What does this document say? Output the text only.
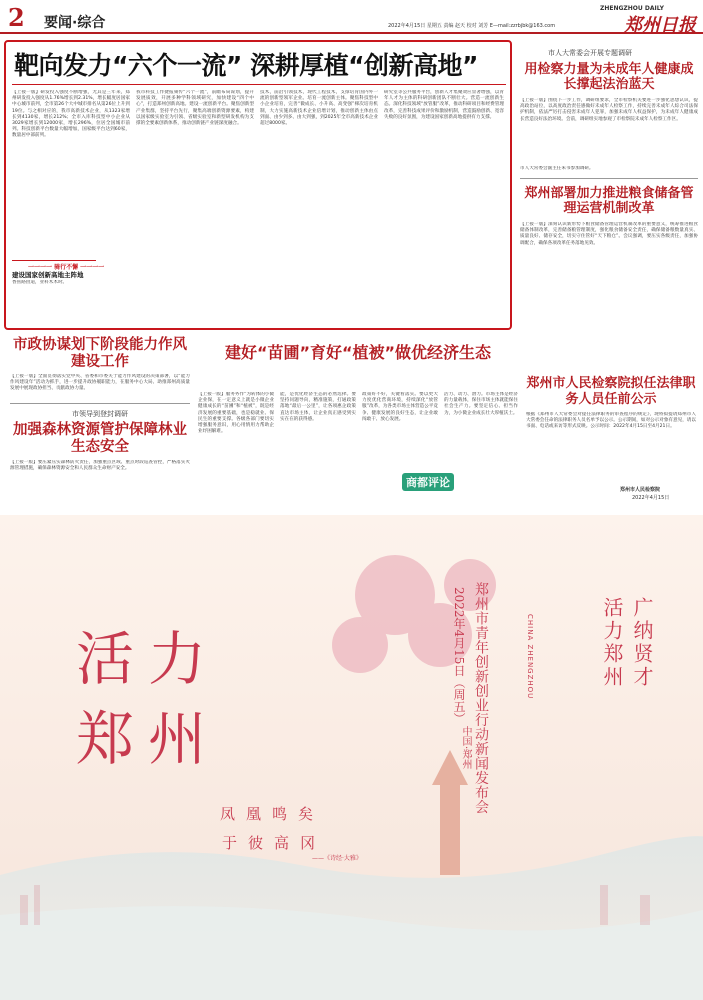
2 要闻·综合	2022年4月15日 星期五 责编 赵天 校对 刘芳 E—mail:zzrbjbk@163.com
ZHENGZHOU DAILY
郑州日报
靶向发力“六个一流” 深耕厚植“创新高地”
【上接一版】研发投入强度不断增强，尤其是三年来，郑州研发投入强度从1.76%增长到2.31%，增长幅度居国家中心城市前列，全市第26个大中城市排名从第26位上升到19位。与之相对应的，我市高新技术企业，从1323家增长到4130家，增长212%；全市入库科技型中小企业从3029家增长到12000家，增长296%，位居全国城市前列。科技创新平台数量大幅增加，国家级平台达到60家，数量居中部前列。
我市科技工作捷报频传“六个一流”，前瞻布局谋划，提升发展质效，开展多种学科领域研究，加快建设“四个中心”，打造郑州创新高地。建设一流创新平台。聚焦创新型产业集群，坚持平台先行，聚集高端创新资源要素，构建以国家级实验室为引领、省级实验室和新型研发机构为支撑的全要素创新体系，推动创新链产业链深度融合。
技术，前沿引领技术，现代工程技术，支撑培育国内外一流的创新型领军企业。培育一流创新主体。聚焦科技型中小企业培育，完善“微成长、小升高、高变强”梯次培育机制，大力实施高新技术企业倍增计划，推动创新主体由点到面、由少到多、由大到强，到2025年全市高新技术企业超过8000家。
研究室等公共服务平台，创新人才集聚效应显著增强，以青年人才为主体的科研创新团队不断壮大。营造一流创新生态。深化科技领域“放管服”改革，推动科研项目和经费管理改革，完善科技成果评价和激励机制，营造鼓励创新、宽容失败的良好氛围，为建设国家创新高地提供有力支撑。
一一一一 骑行不懈 一一一一
建设国家创新高地主阵地
香蕉路由道，业科术术时。
市人大常委会开展专题调研
用检察力量为未成年人健康成长撑起法治蓝天
【上接一版】围绕下一步工作，调研组要求，全市检察机关要进一步强化思想认识，提高政治站位，以高度政治责任感做好未成年人检察工作，持续完善未成年人综合司法保护机制，依法严厉打击侵害未成年人犯罪，加强未成年人权益保护，为未成年人健康成长营造良好法治环境。会前，调研组实地参观了市检察院未成年人检察工作区。
市人大常委会副主任朱书参加调研。
郑州部署加力推进粮食储备管理运营机制改革
【上接一版】深刻认识新形势下粮食储备管理运营机制改革的重要意义，统筹推进粮食储备体制改革，完善储备粮管理制度，强化粮食储备安全责任，确保储备粮数量真实、质量良好、储存安全，切实守住管好“天下粮仓”。会议强调，要压实各级责任，加强协调配合，确保各项改革任务落地见效。
市政协谋划下阶段能力作风建设工作
【上接一版】全面贯彻落实党中央、省委和市委关于能力作风建设的决策部署，以“能力作风建设年”活动为抓手，进一步提升政协履职能力，在服务中心大局、助推郑州高质量发展中展现政协担当、贡献政协力量。
市领导到登封调研
加强森林资源管护保障林业生态安全
【上接一版】要压紧压实森林防火责任，加强重点区域、重点时段巡查管控，严格落实火源管理措施，确保森林资源安全和人民群众生命财产安全。
建好“苗圃”育好“植被”做优经济生态
【上接一版】服务务作“为转体的小微企业保，在一定意义上就是小微企业健康成长的“苗圃”和“植被”，既是经济发展的重要基础，也是稳就业、保民生的重要支撑。各级各部门要切实增强服务意识，用心用情用力帮助企业纾困解难。
能，是优化经济生态的必然选择。要坚持问题导向，精准施策，打通政策落地“最后一公里”，让各项惠企政策直达市场主体，让企业真正感受到实实在在的获得感。
政策好不好，关键看落实。要以更大力度优化营商环境，持续深化“放管服”改革，为各类市场主体营造公平竞争、健康发展的良好生态，让企业敢闯敢干、放心发展。
活力、动力、潜力。市场主体是经济的力量载体，保住市场主体就能保住社会生产力。要坚定信心、担当作为，为小微企业成长壮大厚植沃土。
商都评论
郑州市人民检察院拟任法律职务人员任前公示
根据《郑州市人大常委会对提任法律职务的审查程序的规定》，现将拟提请郑州市人大常委会任命的法律职务人员名单予以公示。公示期间，如对公示对象有意见，请以书面、电话或来访等形式反映。公示时间：2022年4月15日至4月21日。
郑州市人民检察院
2022年4月15日
活 力
郑 州
凤凰鸣矣
于彼高冈
——《诗经·大雅》
CHINA ZHENGZHOU
郑州市青年创新创业行动新闻发布会
2022年4月15日（周五）
中国·郑州
广纳贤才
活力郑州
